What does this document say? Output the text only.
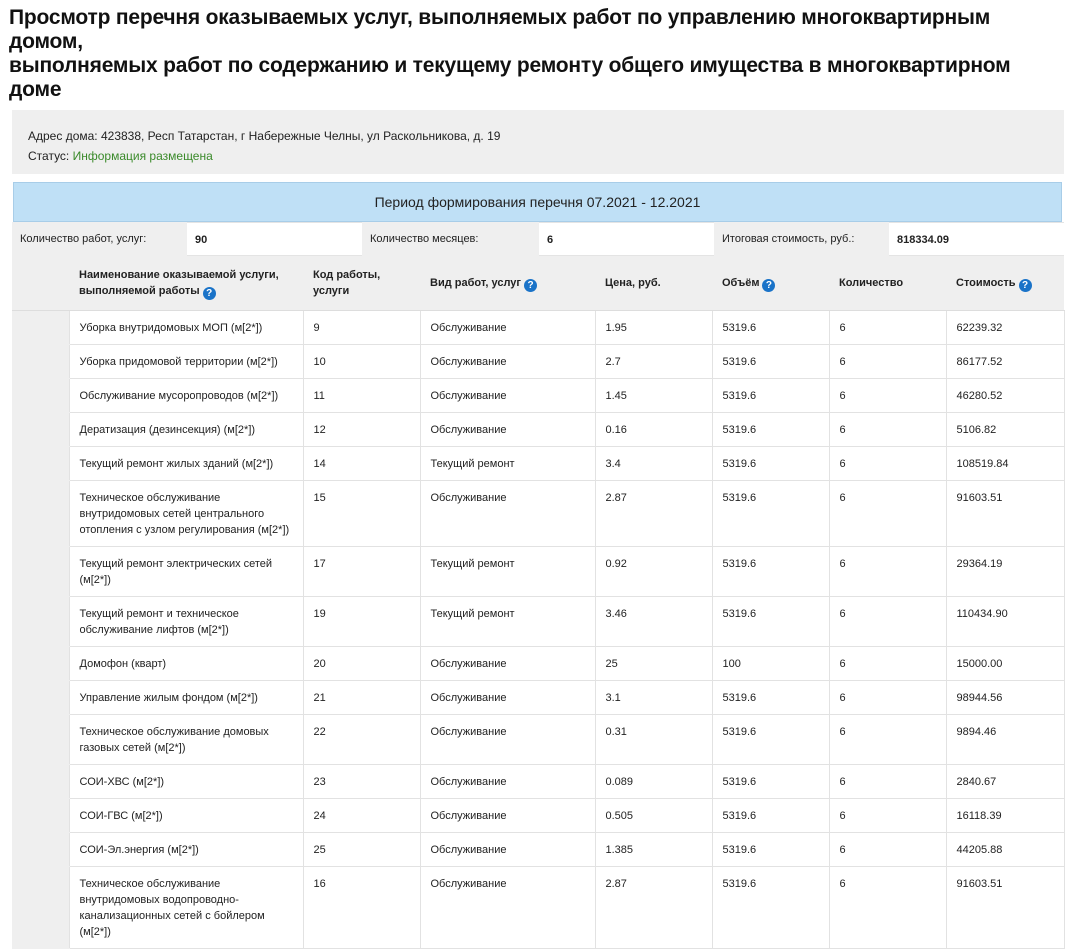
Просмотр перечня оказываемых услуг, выполняемых работ по управлению многоквартирным домом,
выполняемых работ по содержанию и текущему ремонту общего имущества в многоквартирном доме
Адрес дома: 423838, Респ Татарстан, г Набережные Челны, ул Раскольникова, д. 19
Статус: Информация размещена
Период формирования перечня 07.2021 - 12.2021
Количество работ, услуг:	90	Количество месяцев:	6	Итоговая стоимость, руб.:	818334.09
	Наименование оказываемой услуги, выполняемой работы ?	Код работы, услуги	Вид работ, услуг ?	Цена, руб.	Объём ?	Количество	Стоимость ?
	Уборка внутридомовых МОП (м[2*])	9	Обслуживание	1.95	5319.6	6	62239.32
	Уборка придомовой территории (м[2*])	10	Обслуживание	2.7	5319.6	6	86177.52
	Обслуживание мусоропроводов (м[2*])	11	Обслуживание	1.45	5319.6	6	46280.52
	Дератизация (дезинсекция) (м[2*])	12	Обслуживание	0.16	5319.6	6	5106.82
	Текущий ремонт жилых зданий (м[2*])	14	Текущий ремонт	3.4	5319.6	6	108519.84
	Техническое обслуживание внутридомовых сетей центрального отопления с узлом регулирования (м[2*])	15	Обслуживание	2.87	5319.6	6	91603.51
	Текущий ремонт электрических сетей (м[2*])	17	Текущий ремонт	0.92	5319.6	6	29364.19
	Текущий ремонт и техническое обслуживание лифтов (м[2*])	19	Текущий ремонт	3.46	5319.6	6	110434.90
	Домофон (кварт)	20	Обслуживание	25	100	6	15000.00
	Управление жилым фондом (м[2*])	21	Обслуживание	3.1	5319.6	6	98944.56
	Техническое обслуживание домовых газовых сетей (м[2*])	22	Обслуживание	0.31	5319.6	6	9894.46
	СОИ-ХВС (м[2*])	23	Обслуживание	0.089	5319.6	6	2840.67
	СОИ-ГВС (м[2*])	24	Обслуживание	0.505	5319.6	6	16118.39
	СОИ-Эл.энергия (м[2*])	25	Обслуживание	1.385	5319.6	6	44205.88
	Техническое обслуживание внутридомовых водопроводно-канализационных сетей с бойлером (м[2*])	16	Обслуживание	2.87	5319.6	6	91603.51
